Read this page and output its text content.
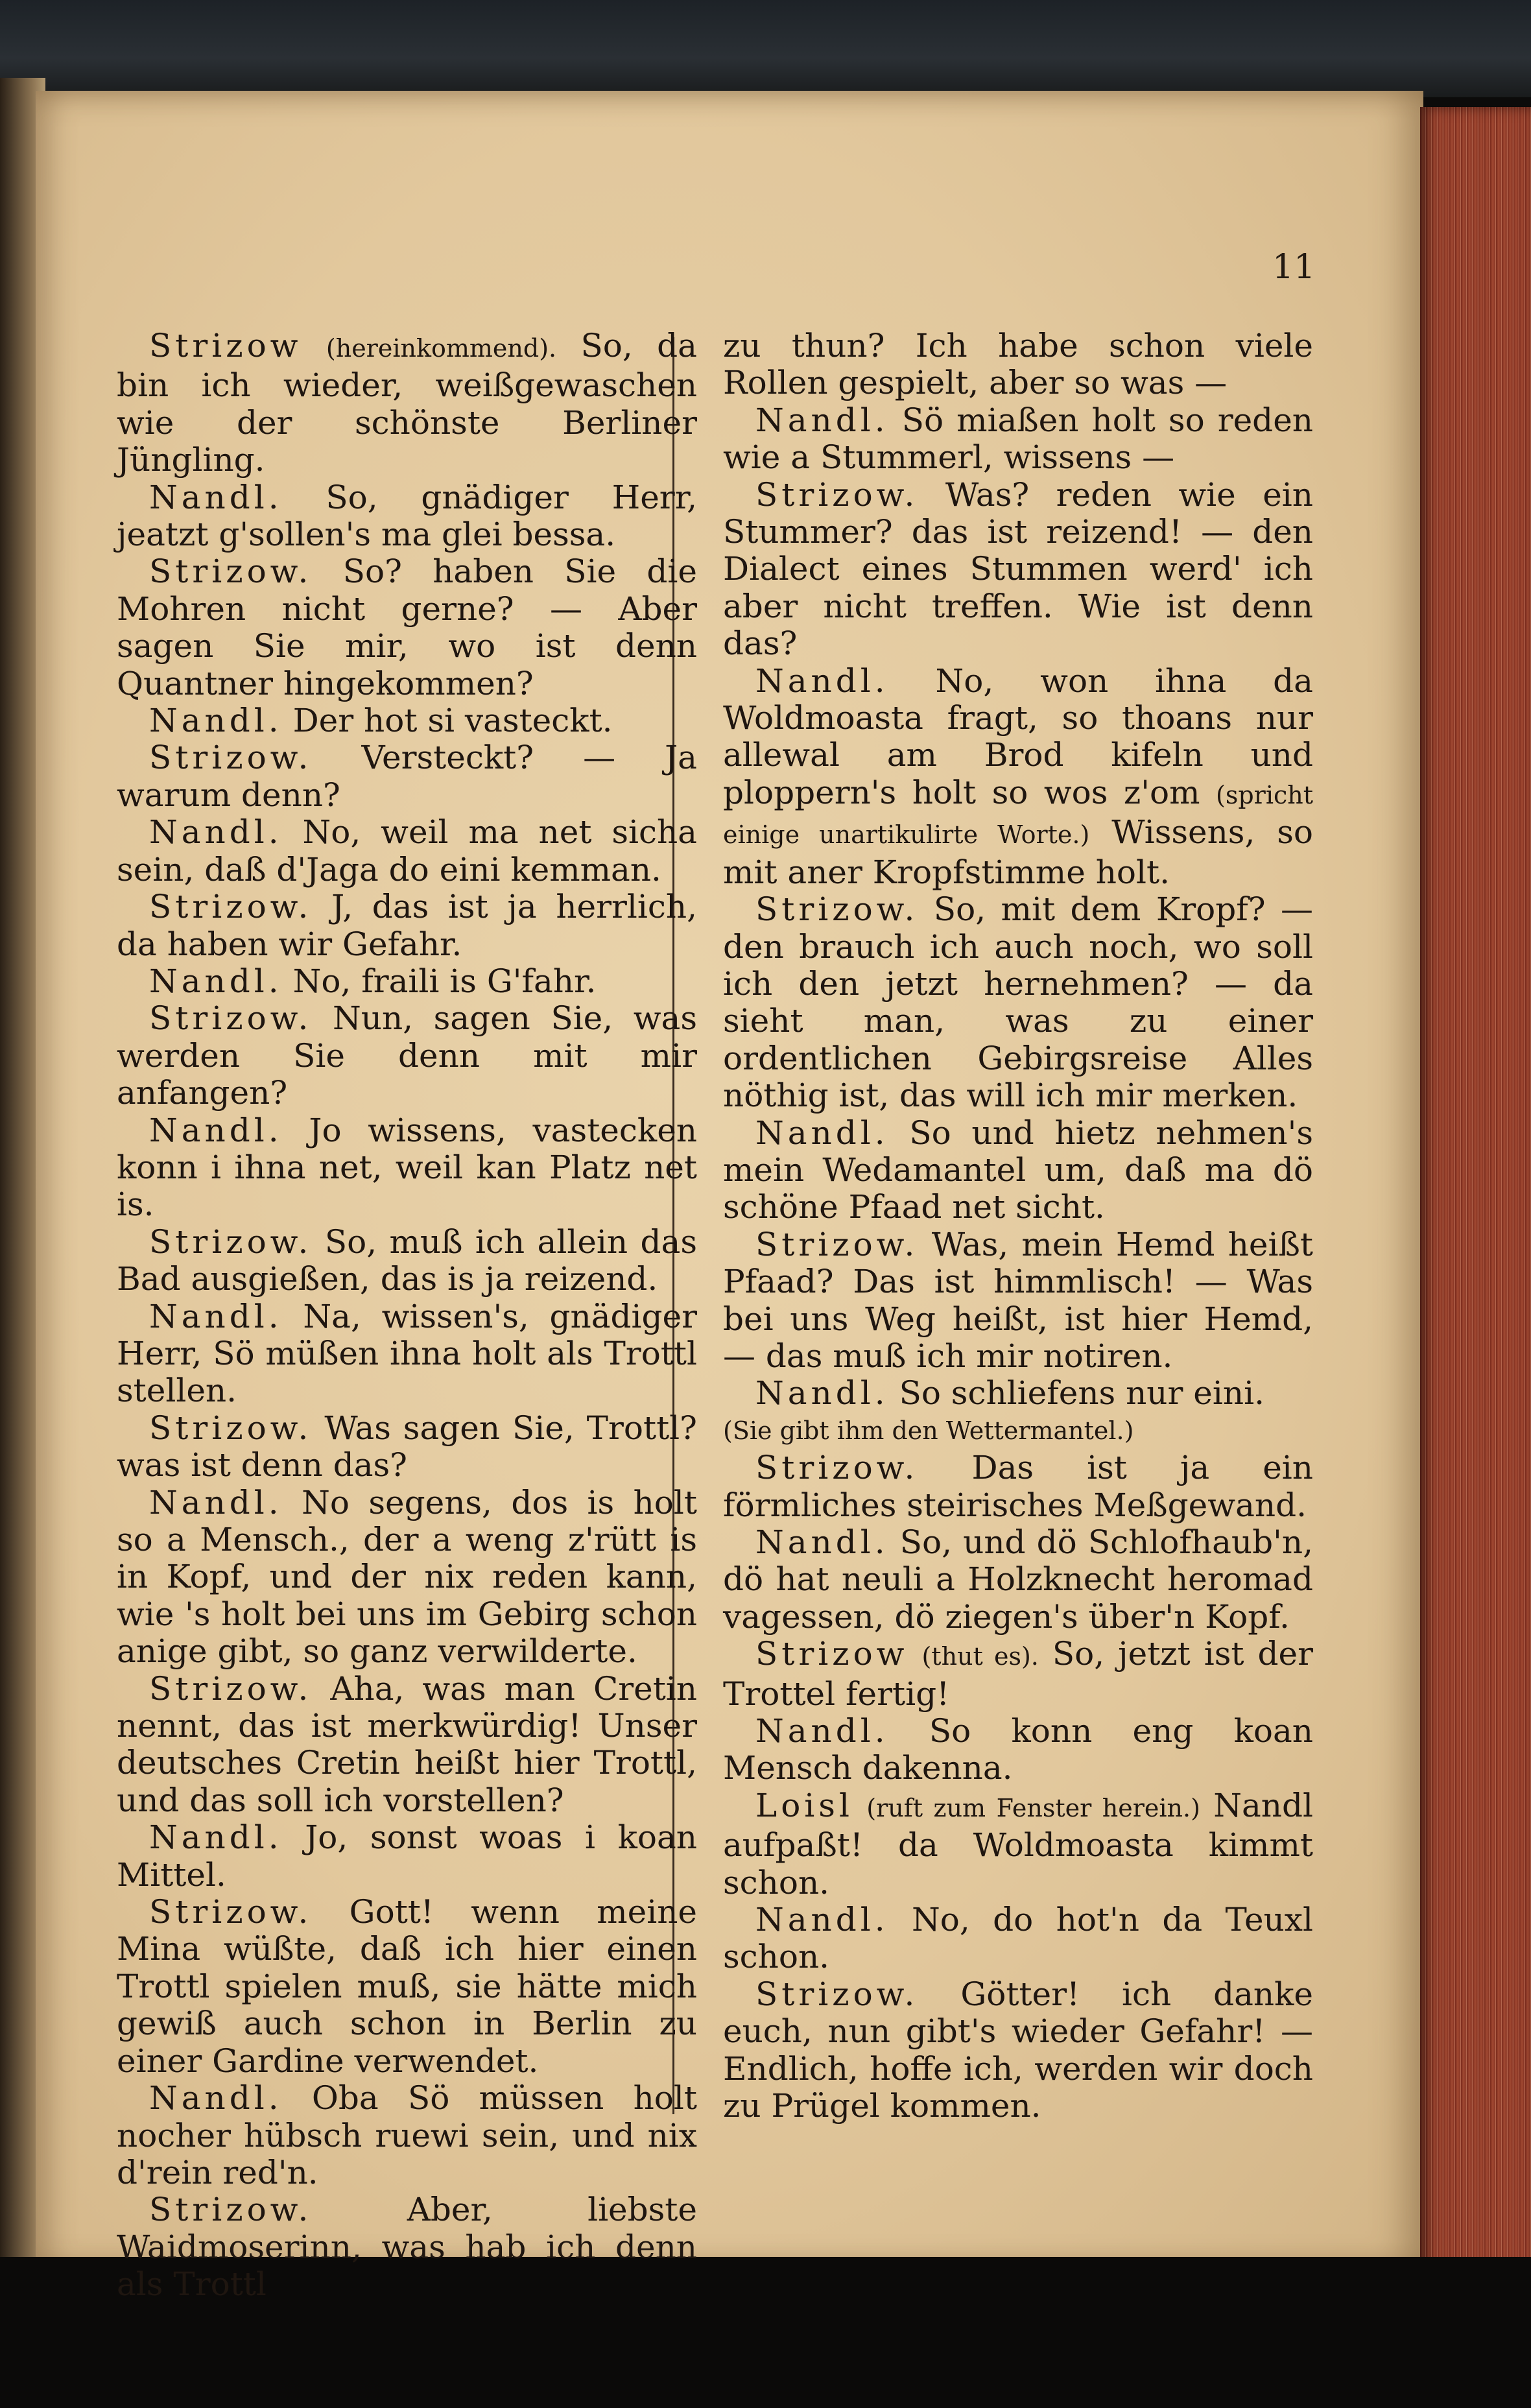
11

Strizow (hereinkommend). So, da bin ich wieder, weißgewaschen wie der schönste Berliner Jüngling.

Nandl. So, gnädiger Herr, jeatzt g'sollen's ma glei bessa.

Strizow. So? haben Sie die Mohren nicht gerne? — Aber sagen Sie mir, wo ist denn Quantner hingekommen?

Nandl. Der hot si vasteckt.

Strizow. Versteckt? — Ja warum denn?

Nandl. No, weil ma net sicha sein, daß d'Jaga do eini kemman.

Strizow. J, das ist ja herrlich, da haben wir Gefahr.

Nandl. No, fraili is G'fahr.

Strizow. Nun, sagen Sie, was werden Sie denn mit mir anfangen?

Nandl. Jo wissens, vastecken konn i ihna net, weil kan Platz net is.

Strizow. So, muß ich allein das Bad ausgießen, das is ja reizend.

Nandl. Na, wissen's, gnädiger Herr, Sö müßen ihna holt als Trottl stellen.

Strizow. Was sagen Sie, Trottl? was ist denn das?

Nandl. No segens, dos is holt so a Mensch., der a weng z'rütt is in Kopf, und der nix reden kann, wie 's holt bei uns im Gebirg schon anige gibt, so ganz verwilderte.

Strizow. Aha, was man Cretin nennt, das ist merkwürdig! Unser deutsches Cretin heißt hier Trottl, und das soll ich vorstellen?

Nandl. Jo, sonst woas i koan Mittel.

Strizow. Gott! wenn meine Mina wüßte, daß ich hier einen Trottl spielen muß, sie hätte mich gewiß auch schon in Berlin zu einer Gardine verwendet.

Nandl. Oba Sö müssen holt nocher hübsch ruewi sein, und nix d'rein red'n.

Strizow.	Aber, liebste Waidmoserinn, was hab ich denn als Trottl

zu thun? Ich habe schon viele Rollen gespielt, aber so was —

Nandl. Sö miaßen holt so reden wie a Stummerl, wissens —

Strizow. Was? reden wie ein Stummer? das ist reizend! — den Dialect eines Stummen werd' ich aber nicht treffen. Wie ist denn das?

Nandl. No, won ihna da Woldmoasta fragt, so thoans nur allewal am Brod kifeln und ploppern's holt so wos z'om (spricht einige unartikulirte Worte.) Wissens, so mit aner Kropfstimme holt.

Strizow. So, mit dem Kropf? — den brauch ich auch noch, wo soll ich den jetzt hernehmen? — da sieht man, was zu einer ordentlichen Gebirgsreise Alles nöthig ist, das will ich mir merken.

Nandl. So und hietz nehmen's mein Wedamantel um, daß ma dö schöne Pfaad net sicht.

Strizow. Was, mein Hemd heißt Pfaad? Das ist himmlisch! — Was bei uns Weg heißt, ist hier Hemd, — das muß ich mir notiren.

Nandl. So schliefens nur eini.

(Sie gibt ihm den Wettermantel.)

Strizow. Das ist ja ein förmliches steirisches Meßgewand.

Nandl. So, und dö Schlofhaub'n, dö hat neuli a Holzknecht heromad vagessen, dö ziegen's über'n Kopf.

Strizow (thut es). So, jetzt ist der Trottel fertig!

Nandl. So konn eng koan Mensch dakenna.

Loisl (ruft zum Fenster herein.) Nandl aufpaßt! da Woldmoasta kimmt schon.

Nandl. No, do hot'n da Teuxl schon.

Strizow. Götter! ich danke euch, nun gibt's wieder Gefahr! — Endlich, hoffe ich, werden wir doch zu Prügel kommen.
